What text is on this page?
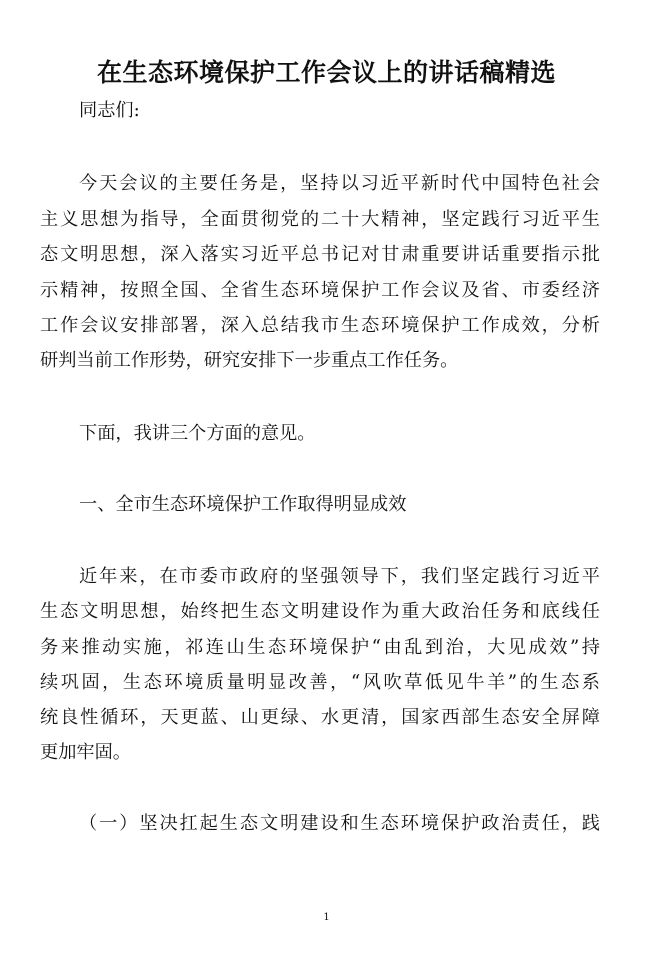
在生态环境保护工作会议上的讲话稿精选
同志们:
今天会议的主要任务是，坚持以习近平新时代中国特色社会
主义思想为指导，全面贯彻党的二十大精神，坚定践行习近平生
态文明思想，深入落实习近平总书记对甘肃重要讲话重要指示批
示精神，按照全国、全省生态环境保护工作会议及省、市委经济
工作会议安排部署，深入总结我市生态环境保护工作成效，分析
研判当前工作形势，研究安排下一步重点工作任务。
下面，我讲三个方面的意见。
一、全市生态环境保护工作取得明显成效
近年来，在市委市政府的坚强领导下，我们坚定践行习近平
生态文明思想，始终把生态文明建设作为重大政治任务和底线任
务来推动实施，祁连山生态环境保护“由乱到治，大见成效”持
续巩固，生态环境质量明显改善，“风吹草低见牛羊”的生态系
统良性循环，天更蓝、山更绿、水更清，国家西部生态安全屏障
更加牢固。
（一）坚决扛起生态文明建设和生态环境保护政治责任，践
1
